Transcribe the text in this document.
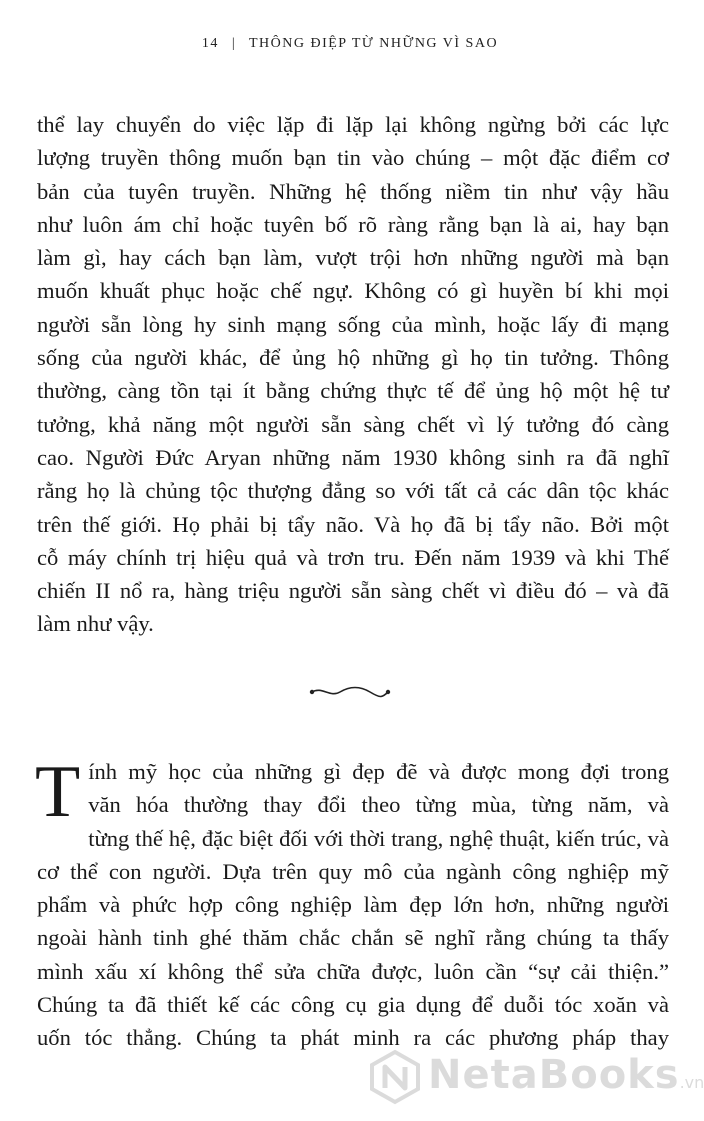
14 | THÔNG ĐIỆP TỪ NHỮNG VÌ SAO
thể lay chuyển do việc lặp đi lặp lại không ngừng bởi các lực
lượng truyền thông muốn bạn tin vào chúng – một đặc điểm cơ
bản của tuyên truyền. Những hệ thống niềm tin như vậy hầu
như luôn ám chỉ hoặc tuyên bố rõ ràng rằng bạn là ai, hay bạn
làm gì, hay cách bạn làm, vượt trội hơn những người mà bạn
muốn khuất phục hoặc chế ngự. Không có gì huyền bí khi mọi
người sẵn lòng hy sinh mạng sống của mình, hoặc lấy đi mạng
sống của người khác, để ủng hộ những gì họ tin tưởng. Thông
thường, càng tồn tại ít bằng chứng thực tế để ủng hộ một hệ tư
tưởng, khả năng một người sẵn sàng chết vì lý tưởng đó càng
cao. Người Đức Aryan những năm 1930 không sinh ra đã nghĩ
rằng họ là chủng tộc thượng đẳng so với tất cả các dân tộc khác
trên thế giới. Họ phải bị tẩy não. Và họ đã bị tẩy não. Bởi một
cỗ máy chính trị hiệu quả và trơn tru. Đến năm 1939 và khi Thế
chiến II nổ ra, hàng triệu người sẵn sàng chết vì điều đó – và đã
làm như vậy.
T ính mỹ học của những gì đẹp đẽ và được mong đợi trong
văn hóa thường thay đổi theo từng mùa, từng năm, và
từng thế hệ, đặc biệt đối với thời trang, nghệ thuật, kiến trúc, và
cơ thể con người. Dựa trên quy mô của ngành công nghiệp mỹ
phẩm và phức hợp công nghiệp làm đẹp lớn hơn, những người
ngoài hành tinh ghé thăm chắc chắn sẽ nghĩ rằng chúng ta thấy
mình xấu xí không thể sửa chữa được, luôn cần “sự cải thiện.”
Chúng ta đã thiết kế các công cụ gia dụng để duỗi tóc xoăn và
uốn tóc thẳng. Chúng ta phát minh ra các phương pháp thay
NetaBooks.vn
